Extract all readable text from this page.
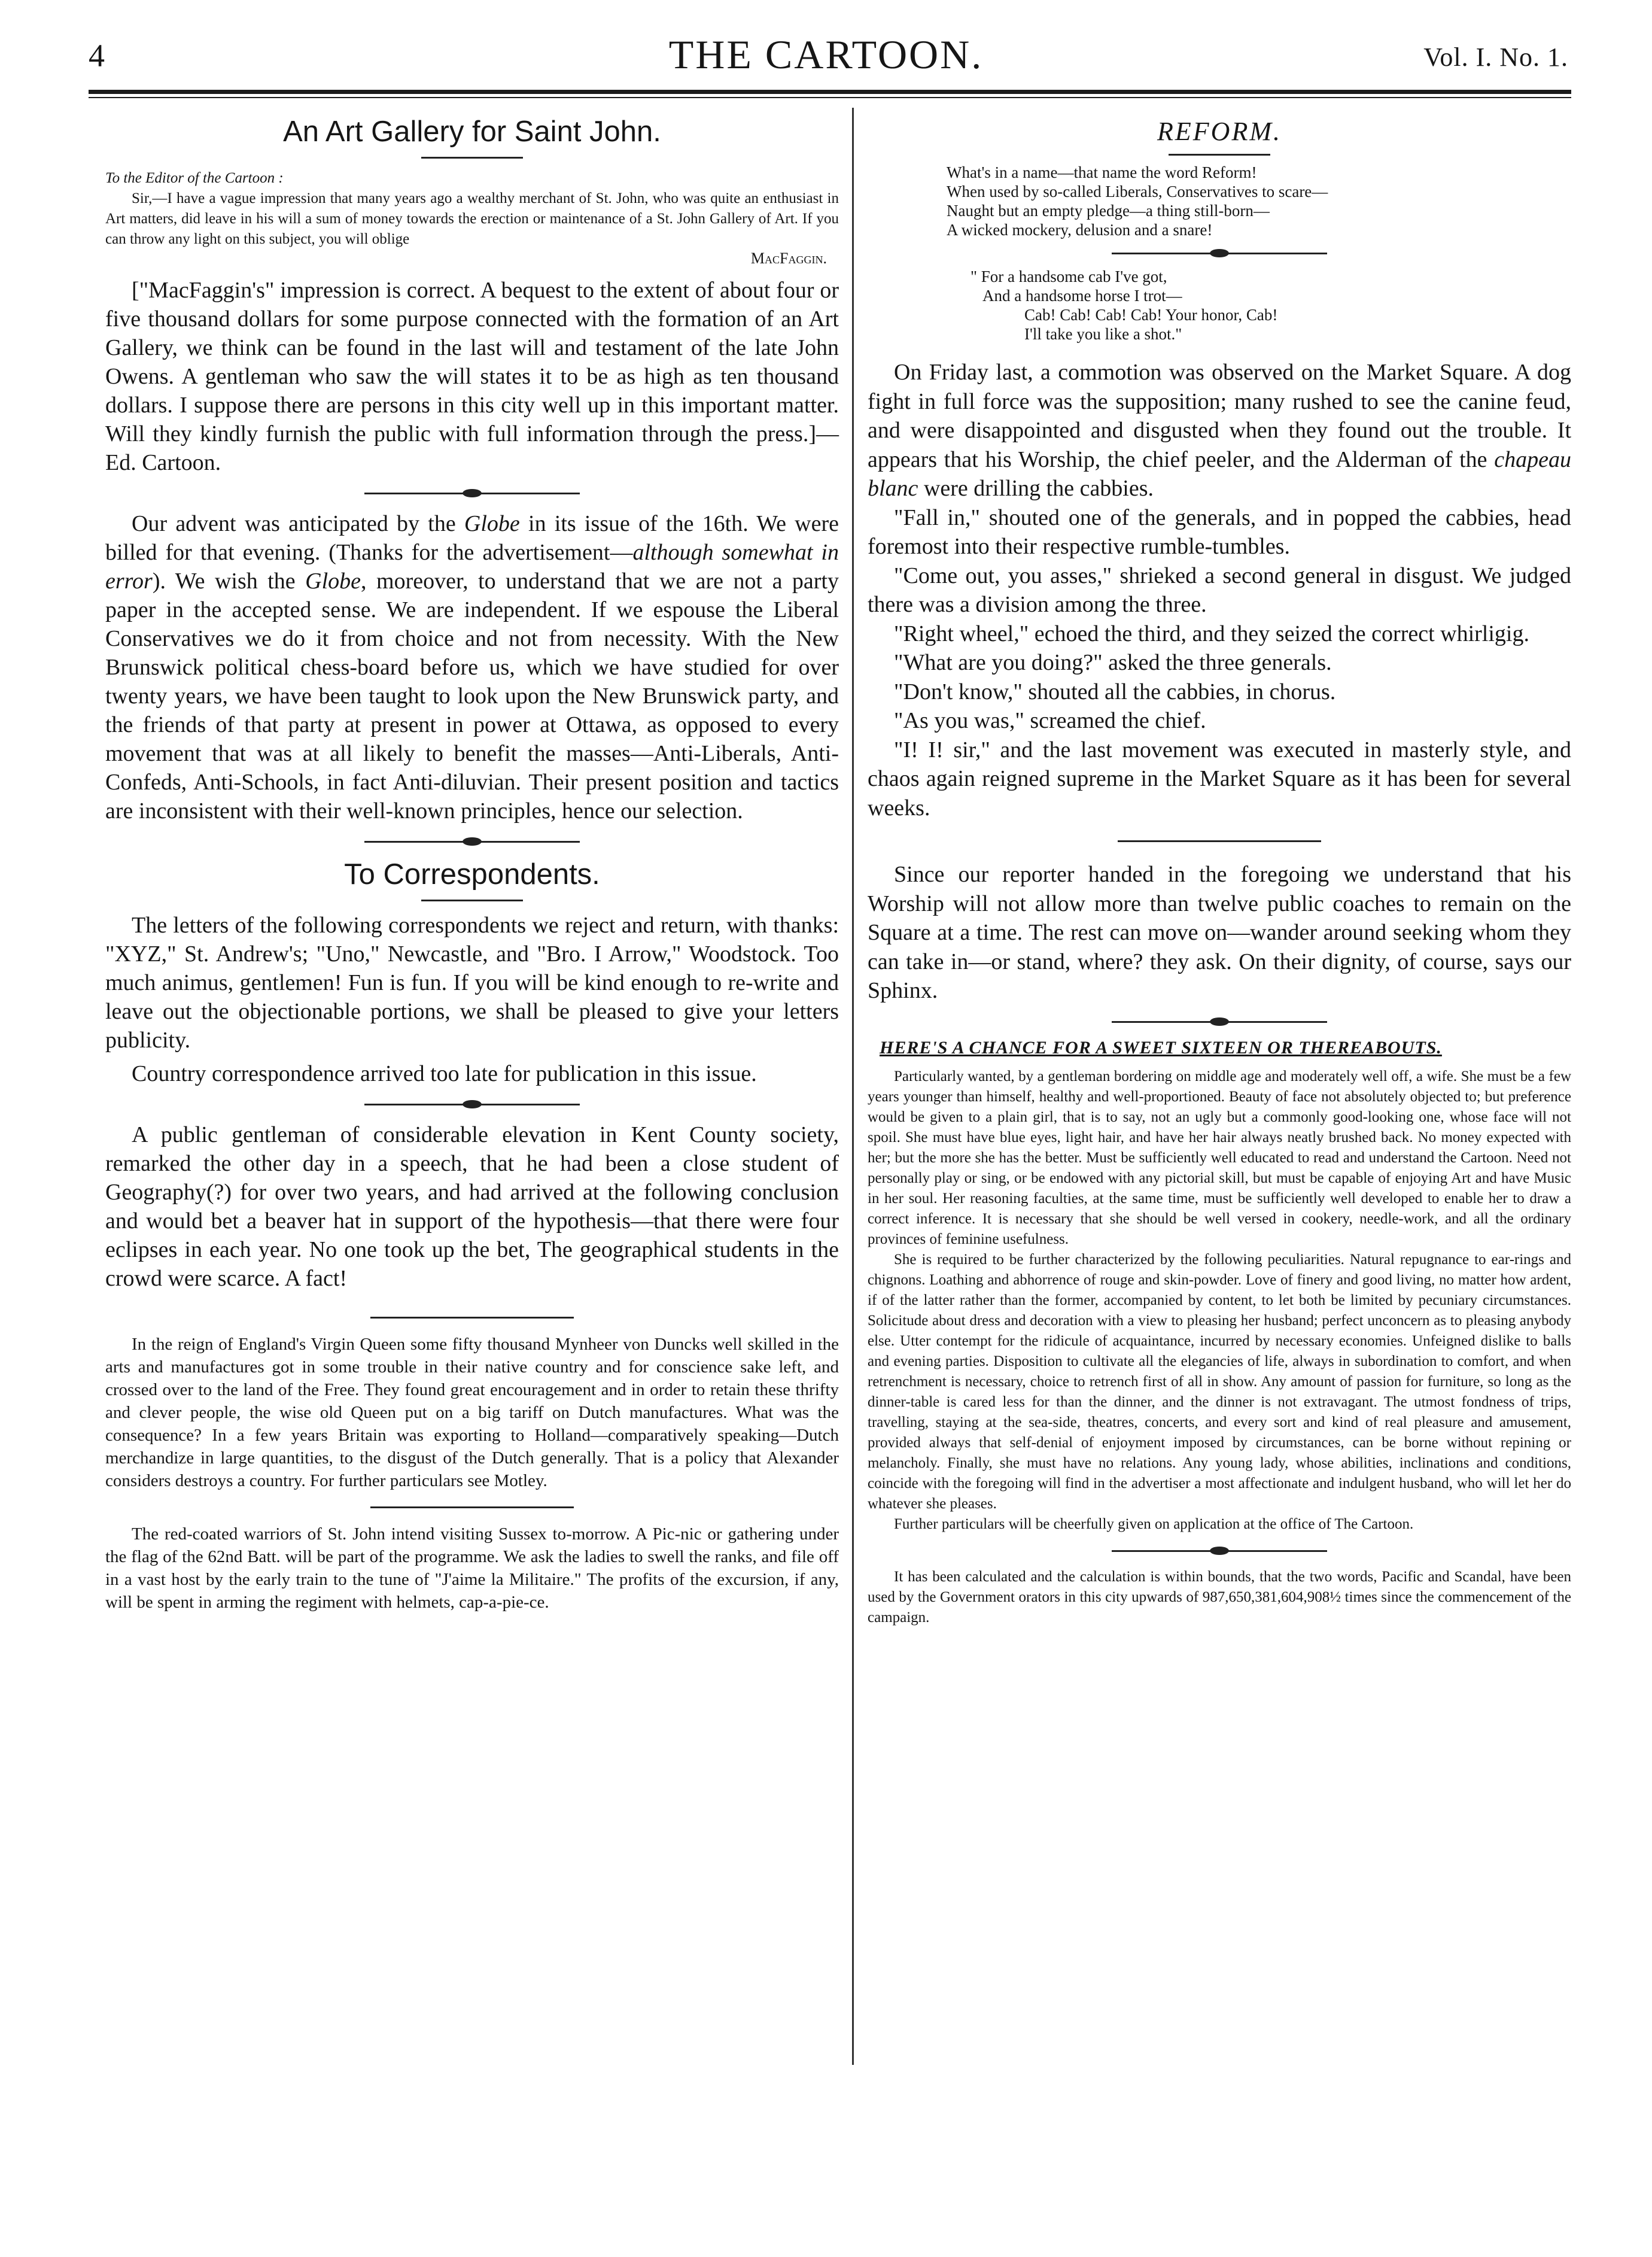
4	THE CARTOON.	Vol. I. No. 1.
An Art Gallery for Saint John.

To the Editor of the Cartoon :

Sir,—I have a vague impression that many years ago a wealthy merchant of St. John, who was quite an enthusiast in Art matters, did leave in his will a sum of money towards the erection or maintenance of a St. John Gallery of Art. If you can throw any light on this subject, you will oblige

MacFaggin.

["MacFaggin's" impression is correct. A bequest to the extent of about four or five thousand dollars for some purpose connected with the formation of an Art Gallery, we think can be found in the last will and testament of the late John Owens. A gentleman who saw the will states it to be as high as ten thousand dollars. I suppose there are persons in this city well up in this important matter. Will they kindly furnish the public with full information through the press.]—Ed. Cartoon.

Our advent was anticipated by the Globe in its issue of the 16th. We were billed for that evening. (Thanks for the advertisement—although somewhat in error). We wish the Globe, moreover, to understand that we are not a party paper in the accepted sense. We are independent. If we espouse the Liberal Conservatives we do it from choice and not from necessity. With the New Brunswick political chess-board before us, which we have studied for over twenty years, we have been taught to look upon the New Brunswick party, and the friends of that party at present in power at Ottawa, as opposed to every movement that was at all likely to benefit the masses—Anti-Liberals, Anti-Confeds, Anti-Schools, in fact Anti-diluvian. Their present position and tactics are inconsistent with their well-known principles, hence our selection.

To Correspondents.

The letters of the following correspondents we reject and return, with thanks: "XYZ," St. Andrew's; "Uno," Newcastle, and "Bro. I Arrow," Woodstock. Too much animus, gentlemen! Fun is fun. If you will be kind enough to re-write and leave out the objectionable portions, we shall be pleased to give your letters publicity.

Country correspondence arrived too late for publication in this issue.

A public gentleman of considerable elevation in Kent County society, remarked the other day in a speech, that he had been a close student of Geography(?) for over two years, and had arrived at the following conclusion and would bet a beaver hat in support of the hypothesis—that there were four eclipses in each year. No one took up the bet, The geographical students in the crowd were scarce. A fact!

In the reign of England's Virgin Queen some fifty thousand Mynheer von Duncks well skilled in the arts and manufactures got in some trouble in their native country and for conscience sake left, and crossed over to the land of the Free. They found great encouragement and in order to retain these thrifty and clever people, the wise old Queen put on a big tariff on Dutch manufactures. What was the consequence? In a few years Britain was exporting to Holland—comparatively speaking—Dutch merchandize in large quantities, to the disgust of the Dutch generally. That is a policy that Alexander considers destroys a country. For further particulars see Motley.

The red-coated warriors of St. John intend visiting Sussex to-morrow. A Pic-nic or gathering under the flag of the 62nd Batt. will be part of the programme. We ask the ladies to swell the ranks, and file off in a vast host by the early train to the tune of "J'aime la Militaire." The profits of the excursion, if any, will be spent in arming the regiment with helmets, cap-a-pie-ce.

REFORM.
What's in a name—that name the word Reform!
When used by so-called Liberals, Conservatives to scare—
Naught but an empty pledge—a thing still-born—
A wicked mockery, delusion and a snare!
" For a handsome cab I've got,
And a handsome horse I trot—
Cab! Cab! Cab! Cab! Your honor, Cab!
I'll take you like a shot."

On Friday last, a commotion was observed on the Market Square. A dog fight in full force was the supposition; many rushed to see the canine feud, and were disappointed and disgusted when they found out the trouble. It appears that his Worship, the chief peeler, and the Alderman of the chapeau blanc were drilling the cabbies.

"Fall in," shouted one of the generals, and in popped the cabbies, head foremost into their respective rumble-tumbles.

"Come out, you asses," shrieked a second general in disgust. We judged there was a division among the three.

"Right wheel," echoed the third, and they seized the correct whirligig.

"What are you doing?" asked the three generals.

"Don't know," shouted all the cabbies, in chorus.

"As you was," screamed the chief.

"I! I! sir," and the last movement was executed in masterly style, and chaos again reigned supreme in the Market Square as it has been for several weeks.

Since our reporter handed in the foregoing we understand that his Worship will not allow more than twelve public coaches to remain on the Square at a time. The rest can move on—wander around seeking whom they can take in—or stand, where? they ask. On their dignity, of course, says our Sphinx.

HERE'S A CHANCE FOR A SWEET SIXTEEN OR THEREABOUTS.

Particularly wanted, by a gentleman bordering on middle age and moderately well off, a wife. She must be a few years younger than himself, healthy and well-proportioned. Beauty of face not absolutely objected to; but preference would be given to a plain girl, that is to say, not an ugly but a commonly good-looking one, whose face will not spoil. She must have blue eyes, light hair, and have her hair always neatly brushed back. No money expected with her; but the more she has the better. Must be sufficiently well educated to read and understand the Cartoon. Need not personally play or sing, or be endowed with any pictorial skill, but must be capable of enjoying Art and have Music in her soul. Her reasoning faculties, at the same time, must be sufficiently well developed to enable her to draw a correct inference. It is necessary that she should be well versed in cookery, needle-work, and all the ordinary provinces of feminine usefulness.

She is required to be further characterized by the following peculiarities. Natural repugnance to ear-rings and chignons. Loathing and abhorrence of rouge and skin-powder. Love of finery and good living, no matter how ardent, if of the latter rather than the former, accompanied by content, to let both be limited by pecuniary circumstances. Solicitude about dress and decoration with a view to pleasing her husband; perfect unconcern as to pleasing anybody else. Utter contempt for the ridicule of acquaintance, incurred by necessary economies. Unfeigned dislike to balls and evening parties. Disposition to cultivate all the elegancies of life, always in subordination to comfort, and when retrenchment is necessary, choice to retrench first of all in show. Any amount of passion for furniture, so long as the dinner-table is cared less for than the dinner, and the dinner is not extravagant. The utmost fondness of trips, travelling, staying at the sea-side, theatres, concerts, and every sort and kind of real pleasure and amusement, provided always that self-denial of enjoyment imposed by circumstances, can be borne without repining or melancholy. Finally, she must have no relations. Any young lady, whose abilities, inclinations and conditions, coincide with the foregoing will find in the advertiser a most affectionate and indulgent husband, who will let her do whatever she pleases.

Further particulars will be cheerfully given on application at the office of The Cartoon.

It has been calculated and the calculation is within bounds, that the two words, Pacific and Scandal, have been used by the Government orators in this city upwards of 987,650,381,604,908½ times since the commencement of the campaign.
